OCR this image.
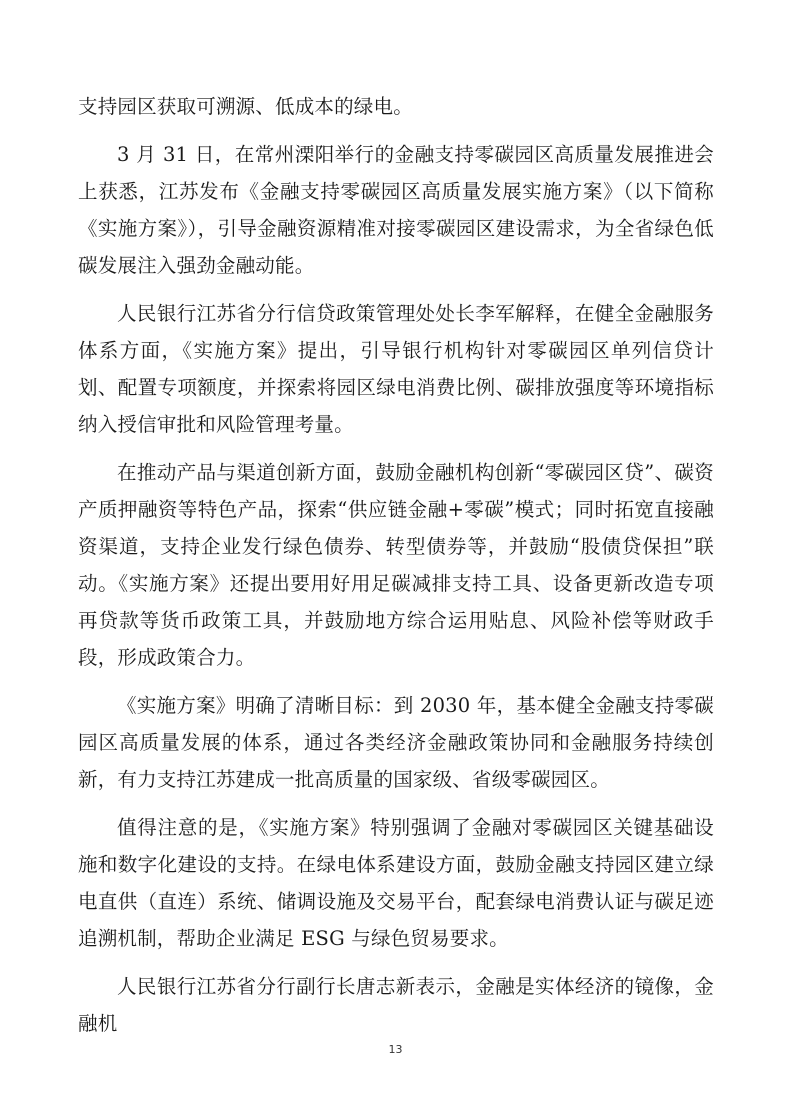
支持园区获取可溯源、低成本的绿电。

3 月 31 日，在常州溧阳举行的金融支持零碳园区高质量发展推进会上获悉，江苏发布《金融支持零碳园区高质量发展实施方案》（以下简称《实施方案》），引导金融资源精准对接零碳园区建设需求，为全省绿色低碳发展注入强劲金融动能。

人民银行江苏省分行信贷政策管理处处长李军解释，在健全金融服务体系方面，《实施方案》提出，引导银行机构针对零碳园区单列信贷计划、配置专项额度，并探索将园区绿电消费比例、碳排放强度等环境指标纳入授信审批和风险管理考量。

在推动产品与渠道创新方面，鼓励金融机构创新“零碳园区贷”、碳资产质押融资等特色产品，探索“供应链金融+零碳”模式；同时拓宽直接融资渠道，支持企业发行绿色债券、转型债券等，并鼓励“股债贷保担”联动。《实施方案》还提出要用好用足碳减排支持工具、设备更新改造专项再贷款等货币政策工具，并鼓励地方综合运用贴息、风险补偿等财政手段，形成政策合力。

《实施方案》明确了清晰目标：到 2030 年，基本健全金融支持零碳园区高质量发展的体系，通过各类经济金融政策协同和金融服务持续创新，有力支持江苏建成一批高质量的国家级、省级零碳园区。

值得注意的是，《实施方案》特别强调了金融对零碳园区关键基础设施和数字化建设的支持。在绿电体系建设方面，鼓励金融支持园区建立绿电直供（直连）系统、储调设施及交易平台，配套绿电消费认证与碳足迹追溯机制，帮助企业满足 ESG 与绿色贸易要求。

人民银行江苏省分行副行长唐志新表示，金融是实体经济的镜像，金融机

13
